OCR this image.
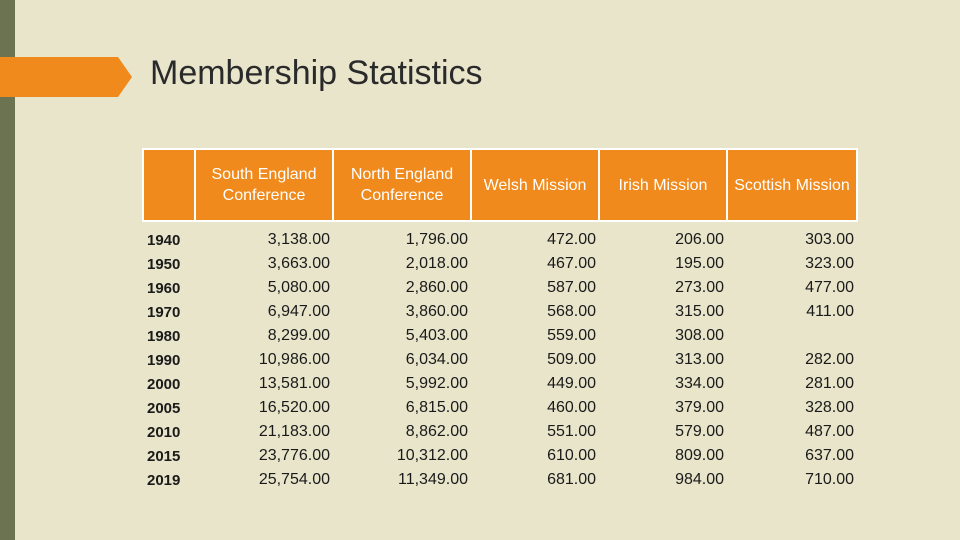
Membership Statistics
	South England Conference	North England Conference	Welsh Mission	Irish Mission	Scottish Mission
1940	3,138.00	1,796.00	472.00	206.00	303.00
1950	3,663.00	2,018.00	467.00	195.00	323.00
1960	5,080.00	2,860.00	587.00	273.00	477.00
1970	6,947.00	3,860.00	568.00	315.00	411.00
1980	8,299.00	5,403.00	559.00	308.00	
1990	10,986.00	6,034.00	509.00	313.00	282.00
2000	13,581.00	5,992.00	449.00	334.00	281.00
2005	16,520.00	6,815.00	460.00	379.00	328.00
2010	21,183.00	8,862.00	551.00	579.00	487.00
2015	23,776.00	10,312.00	610.00	809.00	637.00
2019	25,754.00	11,349.00	681.00	984.00	710.00
